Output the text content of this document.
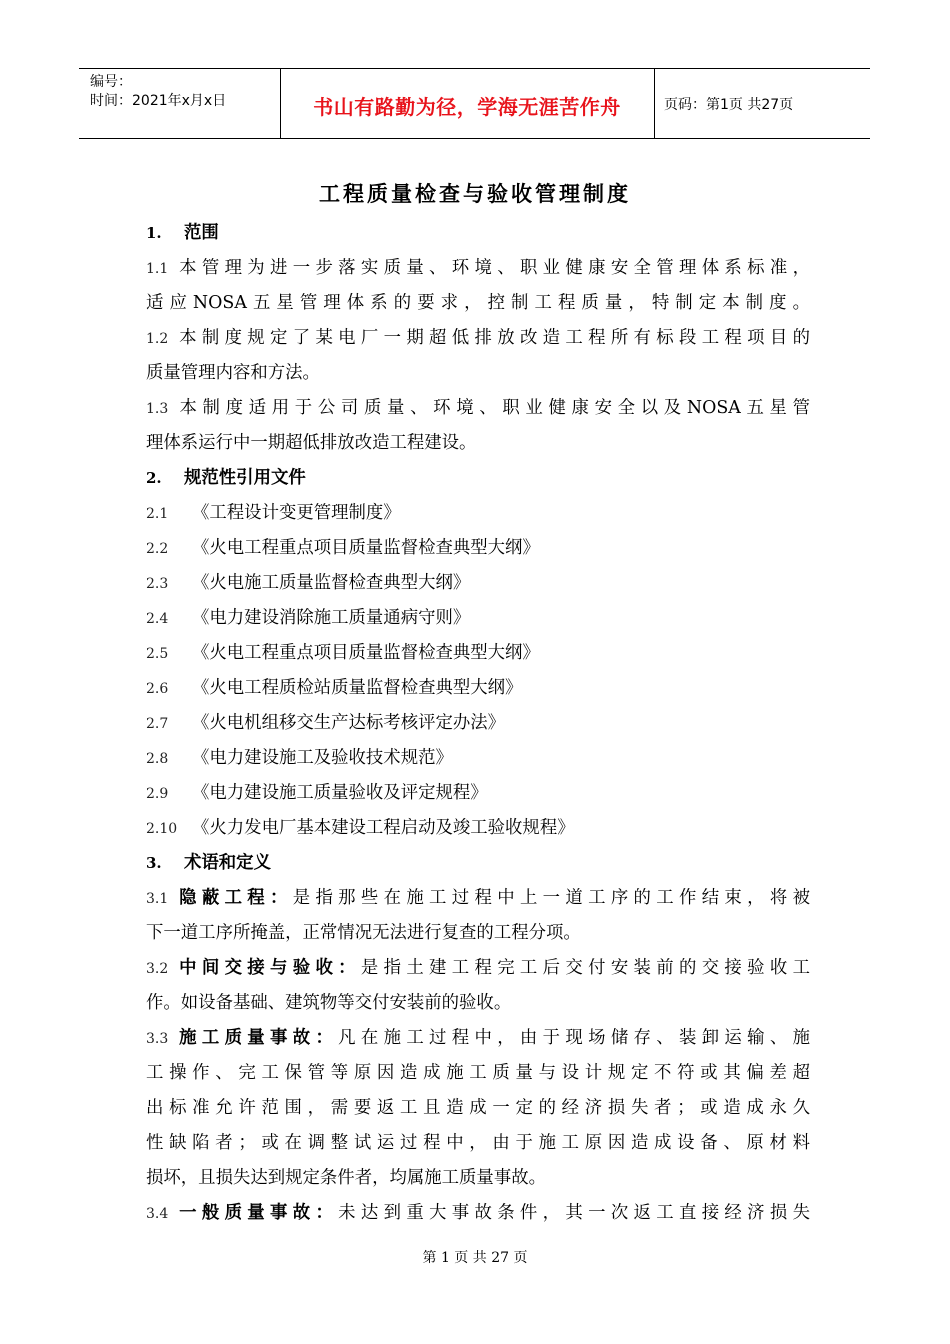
编号：
时间：2021年x月x日	书山有路勤为径，学海无涯苦作舟	页码：第1页 共27页
工程质量检查与验收管理制度
1. 范围
1.1 本管理为进一步落实质量、环境、职业健康安全管理体系标准，
适应NOSA五星管理体系的要求，控制工程质量，特制定本制度。
1.2 本制度规定了某电厂一期超低排放改造工程所有标段工程项目的
质量管理内容和方法。
1.3 本制度适用于公司质量、环境、职业健康安全以及NOSA五星管
理体系运行中一期超低排放改造工程建设。
2. 规范性引用文件
2.1 《工程设计变更管理制度》
2.2 《火电工程重点项目质量监督检查典型大纲》
2.3 《火电施工质量监督检查典型大纲》
2.4 《电力建设消除施工质量通病守则》
2.5 《火电工程重点项目质量监督检查典型大纲》
2.6 《火电工程质检站质量监督检查典型大纲》
2.7 《火电机组移交生产达标考核评定办法》
2.8 《电力建设施工及验收技术规范》
2.9 《电力建设施工质量验收及评定规程》
2.10 《火力发电厂基本建设工程启动及竣工验收规程》
3. 术语和定义
3.1 隐蔽工程：是指那些在施工过程中上一道工序的工作结束，将被
下一道工序所掩盖，正常情况无法进行复查的工程分项。
3.2 中间交接与验收：是指土建工程完工后交付安装前的交接验收工
作。如设备基础、建筑物等交付安装前的验收。
3.3 施工质量事故：凡在施工过程中，由于现场储存、装卸运输、施
工操作、完工保管等原因造成施工质量与设计规定不符或其偏差超
出标准允许范围，需要返工且造成一定的经济损失者；或造成永久
性缺陷者；或在调整试运过程中，由于施工原因造成设备、原材料
损坏，且损失达到规定条件者，均属施工质量事故。
3.4 一般质量事故：未达到重大事故条件，其一次返工直接经济损失
第 1 页 共 27 页
